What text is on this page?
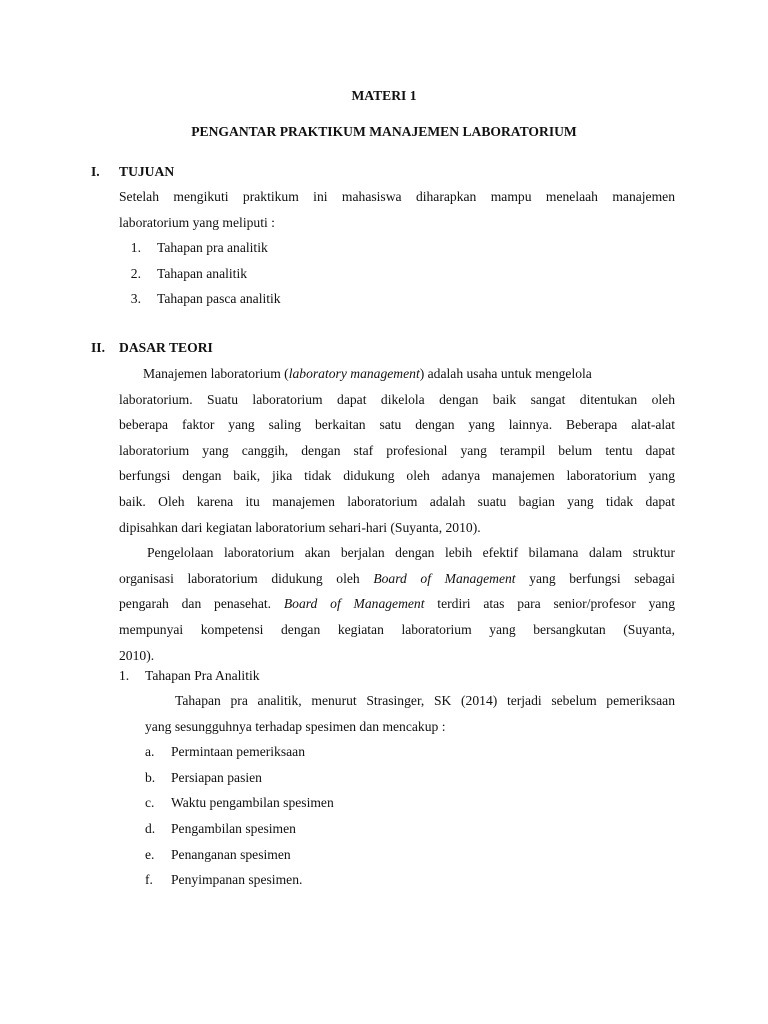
MATERI 1
PENGANTAR PRAKTIKUM MANAJEMEN LABORATORIUM
I. TUJUAN
Setelah mengikuti praktikum ini mahasiswa diharapkan mampu menelaah manajemen
laboratorium yang meliputi :
1. Tahapan pra analitik
2. Tahapan analitik
3. Tahapan pasca analitik
II. DASAR TEORI
Manajemen laboratorium (laboratory management) adalah usaha untuk mengelola
laboratorium. Suatu laboratorium dapat dikelola dengan baik sangat ditentukan oleh
beberapa faktor yang saling berkaitan satu dengan yang lainnya. Beberapa alat-alat
laboratorium yang canggih, dengan staf profesional yang terampil belum tentu dapat
berfungsi dengan baik, jika tidak didukung oleh adanya manajemen laboratorium yang
baik. Oleh karena itu manajemen laboratorium adalah suatu bagian yang tidak dapat
dipisahkan dari kegiatan laboratorium sehari-hari (Suyanta, 2010).
Pengelolaan laboratorium akan berjalan dengan lebih efektif bilamana dalam struktur
organisasi laboratorium didukung oleh Board of Management yang berfungsi sebagai
pengarah dan penasehat. Board of Management terdiri atas para senior/profesor yang
mempunyai kompetensi dengan kegiatan laboratorium yang bersangkutan (Suyanta,
2010).
1. Tahapan Pra Analitik
Tahapan pra analitik, menurut Strasinger, SK (2014) terjadi sebelum pemeriksaan
yang sesungguhnya terhadap spesimen dan mencakup :
a. Permintaan pemeriksaan
b. Persiapan pasien
c. Waktu pengambilan spesimen
d. Pengambilan spesimen
e. Penanganan spesimen
f. Penyimpanan spesimen.
